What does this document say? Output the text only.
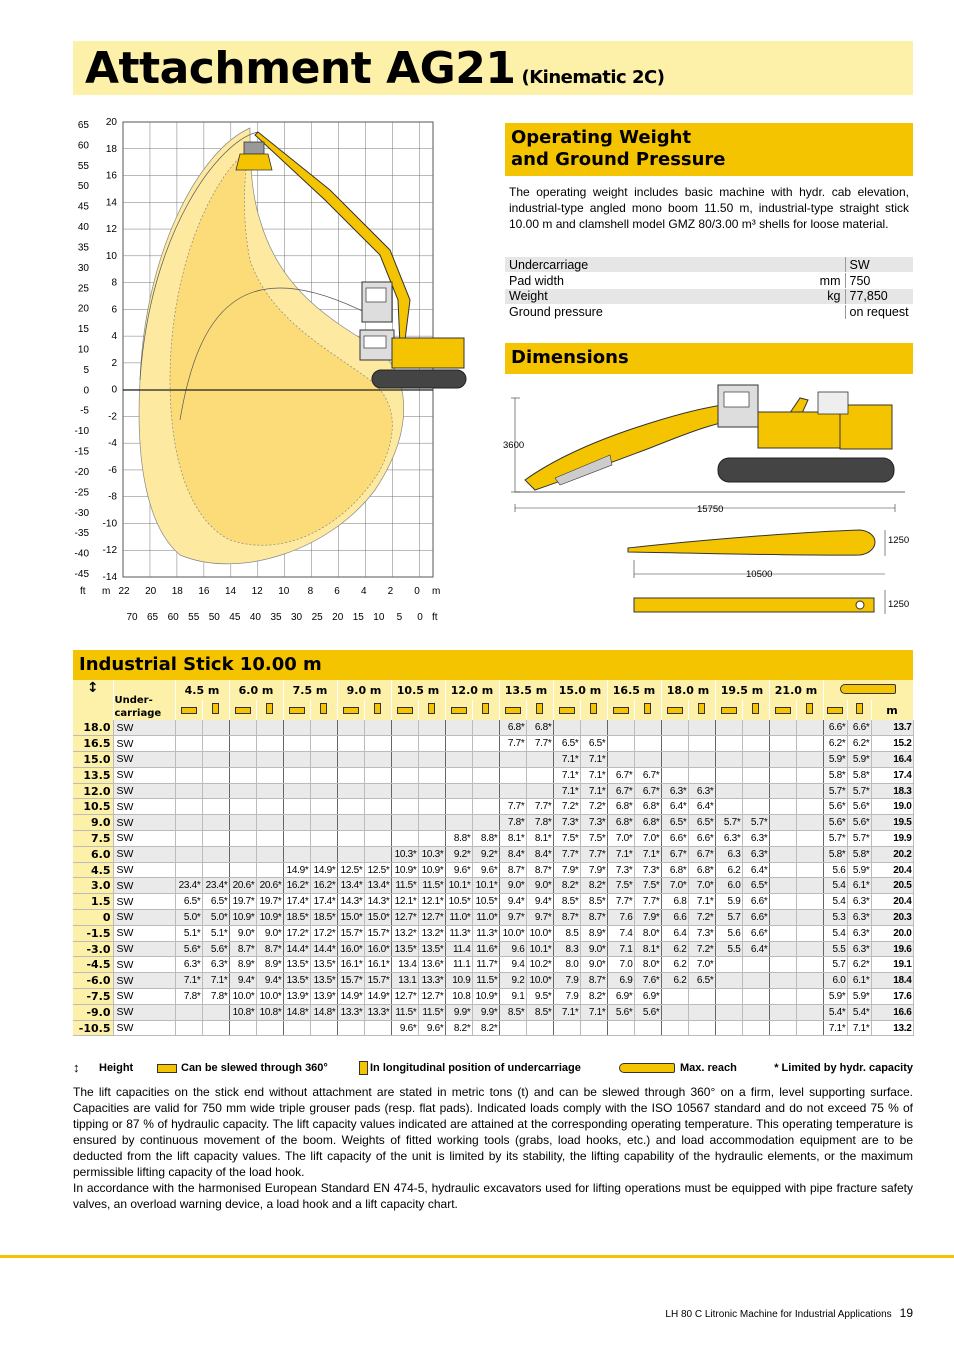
Attachment AG21 (Kinematic 2C)
Operating Weight
and Ground Pressure
The operating weight includes basic machine with hydr. cab elevation, industrial-type angled mono boom 11.50 m, industrial-type straight stick 10.00 m and clamshell model GMZ 80/3.00 m³ shells for loose material.
Undercarriage		SW
Pad width	mm	750
Weight	kg	77,850
Ground pressure		on request
Dimensions
Industrial Stick 10.00 m
65
60
55
50
45
40
35
30
25
20
15
10
5
0
-5
-10
-15
-20
-25
-30
-35
-40
-45
20
18
16
14
12
10
8
6
4
2
0
-2
-4
-6
-8
-10
-12
-14
22 20 18 16 14 12 10 8 6 4 2 0
70 65 60 55 50 45 40 35 30 25 20 15 10 5 0
ft m	m
ft
3600
15750
10500
1250
1250
↕	Under-
carriage	4.5 m		6.0 m		7.5 m		9.0 m		10.5 m		12.0 m		13.5 m		15.0 m		16.5 m		18.0 m		19.5 m		21.0 m				
																												m
18.0	SW													6.8*	6.8*											6.6*	6.6*	13.7
16.5	SW													7.7*	7.7*	6.5*	6.5*									6.2*	6.2*	15.2
15.0	SW															7.1*	7.1*									5.9*	5.9*	16.4
13.5	SW															7.1*	7.1*	6.7*	6.7*							5.8*	5.8*	17.4
12.0	SW															7.1*	7.1*	6.7*	6.7*	6.3*	6.3*					5.7*	5.7*	18.3
10.5	SW													7.7*	7.7*	7.2*	7.2*	6.8*	6.8*	6.4*	6.4*					5.6*	5.6*	19.0
9.0	SW													7.8*	7.8*	7.3*	7.3*	6.8*	6.8*	6.5*	6.5*	5.7*	5.7*			5.6*	5.6*	19.5
7.5	SW											8.8*	8.8*	8.1*	8.1*	7.5*	7.5*	7.0*	7.0*	6.6*	6.6*	6.3*	6.3*			5.7*	5.7*	19.9
6.0	SW									10.3*	10.3*	9.2*	9.2*	8.4*	8.4*	7.7*	7.7*	7.1*	7.1*	6.7*	6.7*	6.3	6.3*			5.8*	5.8*	20.2
4.5	SW					14.9*	14.9*	12.5*	12.5*	10.9*	10.9*	9.6*	9.6*	8.7*	8.7*	7.9*	7.9*	7.3*	7.3*	6.8*	6.8*	6.2	6.4*			5.6	5.9*	20.4
3.0	SW	23.4*	23.4*	20.6*	20.6*	16.2*	16.2*	13.4*	13.4*	11.5*	11.5*	10.1*	10.1*	9.0*	9.0*	8.2*	8.2*	7.5*	7.5*	7.0*	7.0*	6.0	6.5*			5.4	6.1*	20.5
1.5	SW	6.5*	6.5*	19.7*	19.7*	17.4*	17.4*	14.3*	14.3*	12.1*	12.1*	10.5*	10.5*	9.4*	9.4*	8.5*	8.5*	7.7*	7.7*	6.8	7.1*	5.9	6.6*			5.4	6.3*	20.4
0	SW	5.0*	5.0*	10.9*	10.9*	18.5*	18.5*	15.0*	15.0*	12.7*	12.7*	11.0*	11.0*	9.7*	9.7*	8.7*	8.7*	7.6	7.9*	6.6	7.2*	5.7	6.6*			5.3	6.3*	20.3
-1.5	SW	5.1*	5.1*	9.0*	9.0*	17.2*	17.2*	15.7*	15.7*	13.2*	13.2*	11.3*	11.3*	10.0*	10.0*	8.5	8.9*	7.4	8.0*	6.4	7.3*	5.6	6.6*			5.4	6.3*	20.0
-3.0	SW	5.6*	5.6*	8.7*	8.7*	14.4*	14.4*	16.0*	16.0*	13.5*	13.5*	11.4	11.6*	9.6	10.1*	8.3	9.0*	7.1	8.1*	6.2	7.2*	5.5	6.4*			5.5	6.3*	19.6
-4.5	SW	6.3*	6.3*	8.9*	8.9*	13.5*	13.5*	16.1*	16.1*	13.4	13.6*	11.1	11.7*	9.4	10.2*	8.0	9.0*	7.0	8.0*	6.2	7.0*					5.7	6.2*	19.1
-6.0	SW	7.1*	7.1*	9.4*	9.4*	13.5*	13.5*	15.7*	15.7*	13.1	13.3*	10.9	11.5*	9.2	10.0*	7.9	8.7*	6.9	7.6*	6.2	6.5*					6.0	6.1*	18.4
-7.5	SW	7.8*	7.8*	10.0*	10.0*	13.9*	13.9*	14.9*	14.9*	12.7*	12.7*	10.8	10.9*	9.1	9.5*	7.9	8.2*	6.9*	6.9*							5.9*	5.9*	17.6
-9.0	SW			10.8*	10.8*	14.8*	14.8*	13.3*	13.3*	11.5*	11.5*	9.9*	9.9*	8.5*	8.5*	7.1*	7.1*	5.6*	5.6*							5.4*	5.4*	16.6
-10.5	SW									9.6*	9.6*	8.2*	8.2*													7.1*	7.1*	13.2
↕ Height	Can be slewed through 360°	In longitudinal position of undercarriage	Max. reach	* Limited by hydr. capacity

The lift capacities on the stick end without attachment are stated in metric tons (t) and can be slewed through 360° on a firm, level supporting surface. Capacities are valid for 750 mm wide triple grouser pads (resp. flat pads). Indicated loads comply with the ISO 10567 standard and do not exceed 75 % of tipping or 87 % of hydraulic capacity. The lift capacity values indicated are attained at the corresponding operating temperature. This operating temperature is ensured by continuous movement of the boom. Weights of fitted working tools (grabs, load hooks, etc.) and load accommodation equipment are to be deducted from the lift capacity values. The lift capacity of the unit is limited by its stability, the lifting capability of the hydraulic elements, or the maximum permissible lifting capacity of the load hook.

In accordance with the harmonised European Standard EN 474-5, hydraulic excavators used for lifting operations must be equipped with pipe fracture safety valves, an overload warning device, a load hook and a lift capacity chart.

LH 80 C Litronic Machine for Industrial Applications 19
